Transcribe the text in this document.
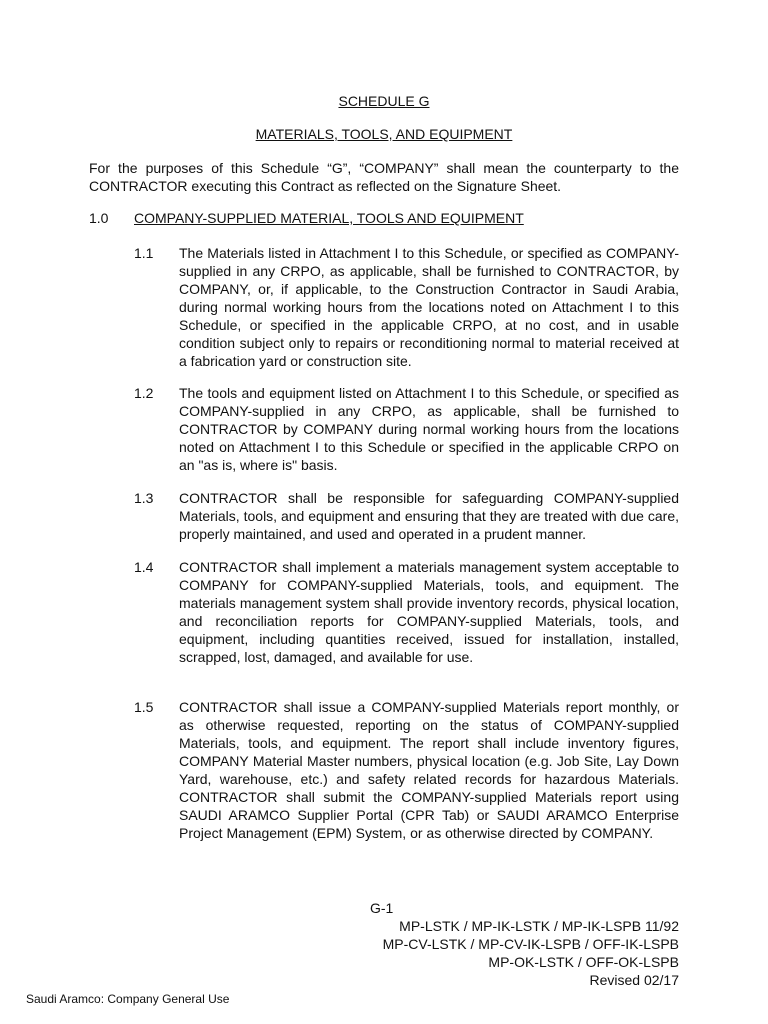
SCHEDULE G
MATERIALS, TOOLS, AND EQUIPMENT
For the purposes of this Schedule “G”, “COMPANY” shall mean the counterparty to the CONTRACTOR executing this Contract as reflected on the Signature Sheet.
1.0 COMPANY-SUPPLIED MATERIAL, TOOLS AND EQUIPMENT
1.1	The Materials listed in Attachment I to this Schedule, or specified as COMPANY-supplied in any CRPO, as applicable, shall be furnished to CONTRACTOR, by COMPANY, or, if applicable, to the Construction Contractor in Saudi Arabia, during normal working hours from the locations noted on Attachment I to this Schedule, or specified in the applicable CRPO, at no cost, and in usable condition subject only to repairs or reconditioning normal to material received at a fabrication yard or construction site.
1.2	The tools and equipment listed on Attachment I to this Schedule, or specified as COMPANY-supplied in any CRPO, as applicable, shall be furnished to CONTRACTOR by COMPANY during normal working hours from the locations noted on Attachment I to this Schedule or specified in the applicable CRPO on an "as is, where is" basis.
1.3	CONTRACTOR shall be responsible for safeguarding COMPANY-supplied Materials, tools, and equipment and ensuring that they are treated with due care, properly maintained, and used and operated in a prudent manner.
1.4	CONTRACTOR shall implement a materials management system acceptable to COMPANY for COMPANY-supplied Materials, tools, and equipment. The materials management system shall provide inventory records, physical location, and reconciliation reports for COMPANY-supplied Materials, tools, and equipment, including quantities received, issued for installation, installed, scrapped, lost, damaged, and available for use.
1.5	CONTRACTOR shall issue a COMPANY-supplied Materials report monthly, or as otherwise requested, reporting on the status of COMPANY-supplied Materials, tools, and equipment. The report shall include inventory figures, COMPANY Material Master numbers, physical location (e.g. Job Site, Lay Down Yard, warehouse, etc.) and safety related records for hazardous Materials. CONTRACTOR shall submit the COMPANY-supplied Materials report using SAUDI ARAMCO Supplier Portal (CPR Tab) or SAUDI ARAMCO Enterprise Project Management (EPM) System, or as otherwise directed by COMPANY.
G-1
MP-LSTK / MP-IK-LSTK / MP-IK-LSPB 11/92
MP-CV-LSTK / MP-CV-IK-LSPB / OFF-IK-LSPB
MP-OK-LSTK / OFF-OK-LSPB
Revised 02/17
Saudi Aramco: Company General Use
